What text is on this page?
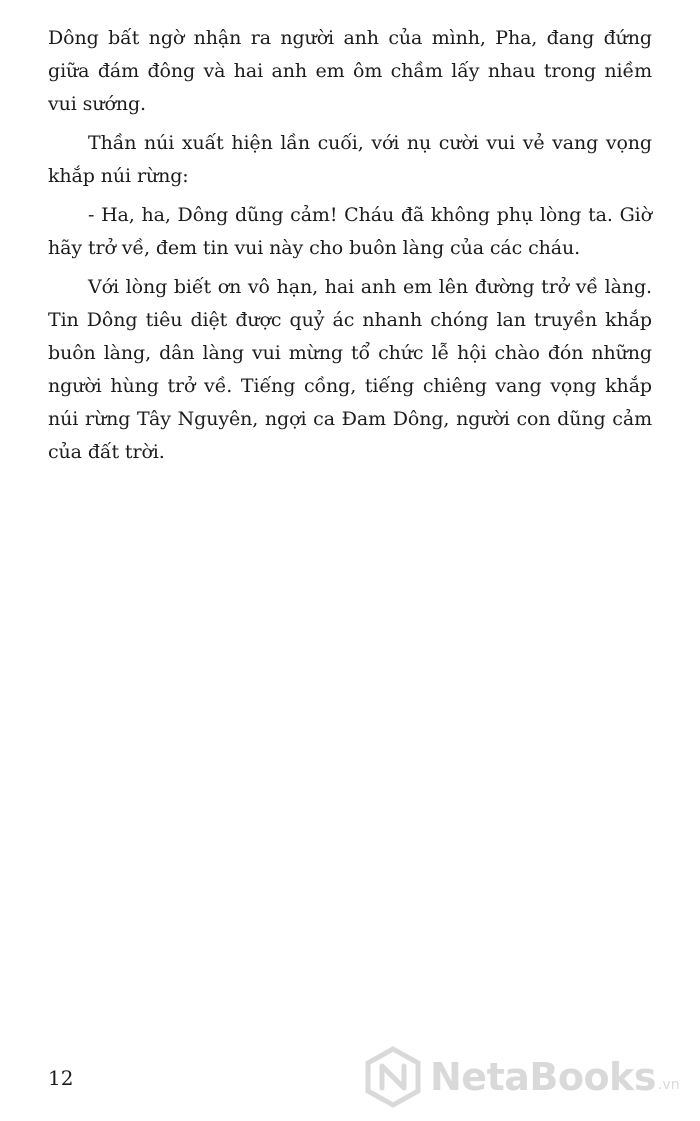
Dông bất ngờ nhận ra người anh của mình, Pha, đang đứng giữa đám đông và hai anh em ôm chầm lấy nhau trong niềm vui sướng.

Thần núi xuất hiện lần cuối, với nụ cười vui vẻ vang vọng khắp núi rừng:

- Ha, ha, Dông dũng cảm! Cháu đã không phụ lòng ta. Giờ hãy trở về, đem tin vui này cho buôn làng của các cháu.

Với lòng biết ơn vô hạn, hai anh em lên đường trở về làng. Tin Dông tiêu diệt được quỷ ác nhanh chóng lan truyền khắp buôn làng, dân làng vui mừng tổ chức lễ hội chào đón những người hùng trở về. Tiếng cồng, tiếng chiêng vang vọng khắp núi rừng Tây Nguyên, ngợi ca Đam Dông, người con dũng cảm của đất trời.

12	NetaBooks .vn
